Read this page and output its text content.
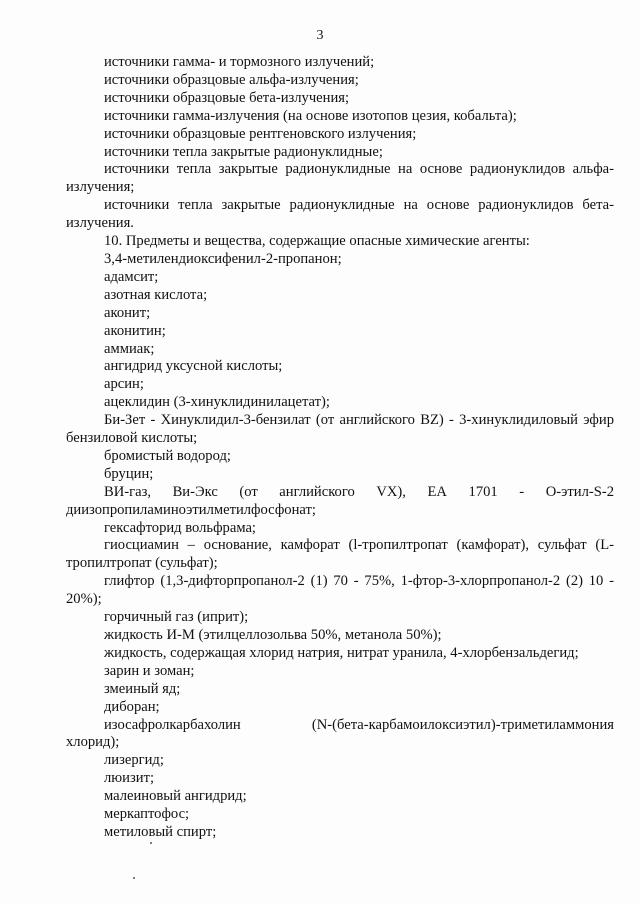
3
источники гамма- и тормозного излучений;
источники образцовые альфа-излучения;
источники образцовые бета-излучения;
источники гамма-излучения (на основе изотопов цезия, кобальта);
источники образцовые рентгеновского излучения;
источники тепла закрытые радионуклидные;
источники тепла закрытые радионуклидные на основе радионуклидов альфа-излучения;
источники тепла закрытые радионуклидные на основе радионуклидов бета-излучения.
10. Предметы и вещества, содержащие опасные химические агенты:
3,4-метилендиоксифенил-2-пропанон;
адамсит;
азотная кислота;
аконит;
аконитин;
аммиак;
ангидрид уксусной кислоты;
арсин;
ацеклидин (3-хинуклидинилацетат);
Би-Зет - Хинуклидил-3-бензилат (от английского BZ) - 3-хинуклидиловый эфир бензиловой кислоты;
бромистый водород;
бруцин;
ВИ-газ, Ви-Экс (от английского VX), EA 1701 - О-этил-S-2
диизопропиламиноэтилметилфосфонат;
гексафторид вольфрама;
гиосциамин – основание, камфорат (l-тропилтропат (камфорат), сульфат (L-тропилтропат (сульфат);
глифтор (1,3-дифторпропанол-2 (1) 70 - 75%, 1-фтор-3-хлорпропанол-2 (2) 10 - 20%);
горчичный газ (иприт);
жидкость И-М (этилцеллозольва 50%, метанола 50%);
жидкость, содержащая хлорид натрия, нитрат уранила, 4-хлорбензальдегид;
зарин и зоман;
змеиный яд;
диборан;
изосафролкарбахолин	(N-(бета-карбамоилоксиэтил)-триметиламмония
хлорид);
лизергид;
люизит;
малеиновый ангидрид;
меркаптофос;
метиловый спирт;
